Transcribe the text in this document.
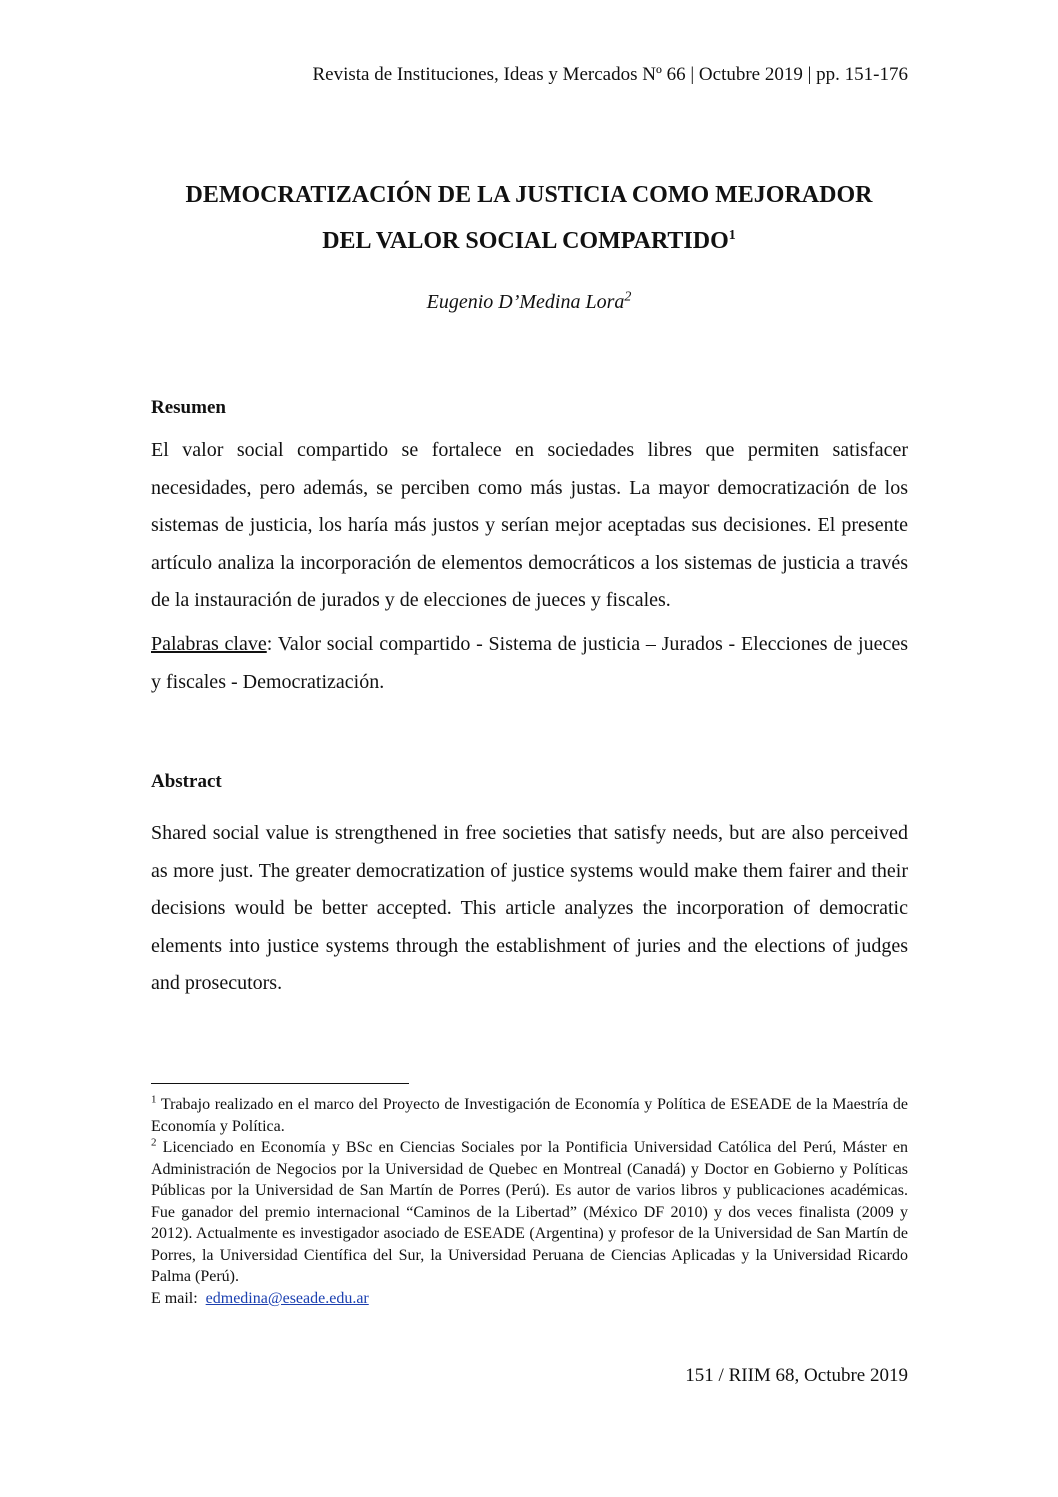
Revista de Instituciones, Ideas y Mercados Nº 66 | Octubre 2019 | pp. 151-176
DEMOCRATIZACIÓN DE LA JUSTICIA COMO MEJORADOR
DEL VALOR SOCIAL COMPARTIDO$^1$
Eugenio D’Medina Lora$^2$
Resumen
El valor social compartido se fortalece en sociedades libres que permiten satisfacer necesidades, pero además, se perciben como más justas. La mayor democratización de los sistemas de justicia, los haría más justos y serían mejor aceptadas sus decisiones. El presente artículo analiza la incorporación de elementos democráticos a los sistemas de justicia a través de la instauración de jurados y de elecciones de jueces y fiscales.
Palabras clave: Valor social compartido - Sistema de justicia – Jurados - Elecciones de jueces y fiscales - Democratización.
Abstract
Shared social value is strengthened in free societies that satisfy needs, but are also perceived as more just. The greater democratization of justice systems would make them fairer and their decisions would be better accepted. This article analyzes the incorporation of democratic elements into justice systems through the establishment of juries and the elections of judges and prosecutors.

$^1$ Trabajo realizado en el marco del Proyecto de Investigación de Economía y Política de ESEADE de la Maestría de Economía y Política.

$^2$ Licenciado en Economía y BSc en Ciencias Sociales por la Pontificia Universidad Católica del Perú, Máster en Administración de Negocios por la Universidad de Quebec en Montreal (Canadá) y Doctor en Gobierno y Políticas Públicas por la Universidad de San Martín de Porres (Perú). Es autor de varios libros y publicaciones académicas. Fue ganador del premio internacional “Caminos de la Libertad” (México DF 2010) y dos veces finalista (2009 y 2012). Actualmente es investigador asociado de ESEADE (Argentina) y profesor de la Universidad de San Martín de Porres, la Universidad Científica del Sur, la Universidad Peruana de Ciencias Aplicadas y la Universidad Ricardo Palma (Perú).

E mail: edmedina@eseade.edu.ar

151 / RIIM 68, Octubre 2019
